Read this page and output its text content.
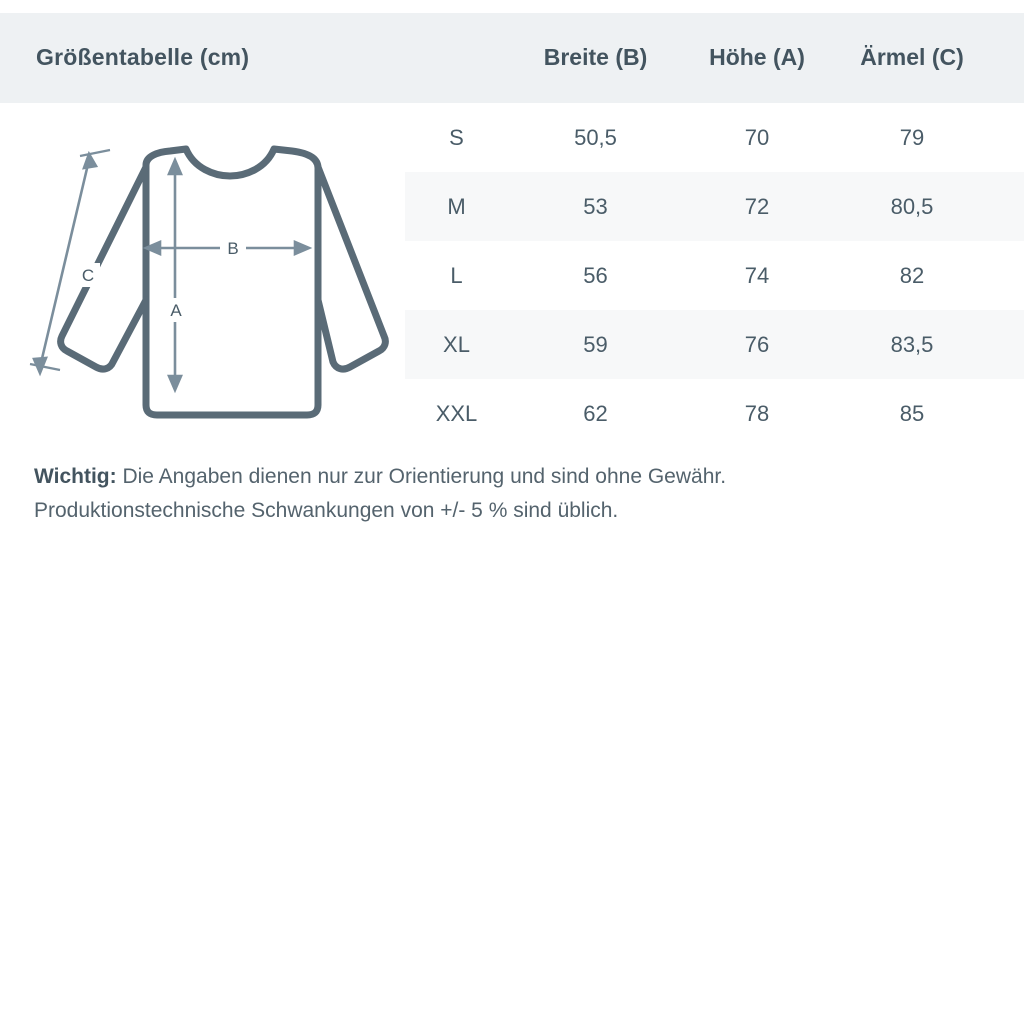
Größentabelle (cm)	Breite (B)	Höhe (A)	Ärmel (C)
C
B
A
S	50,5	70	79
M	53	72	80,5
L	56	74	82
XL	59	76	83,5
XXL	62	78	85
Wichtig: Die Angaben dienen nur zur Orientierung und sind ohne Gewähr.
Produktionstechnische Schwankungen von +/- 5 % sind üblich.
